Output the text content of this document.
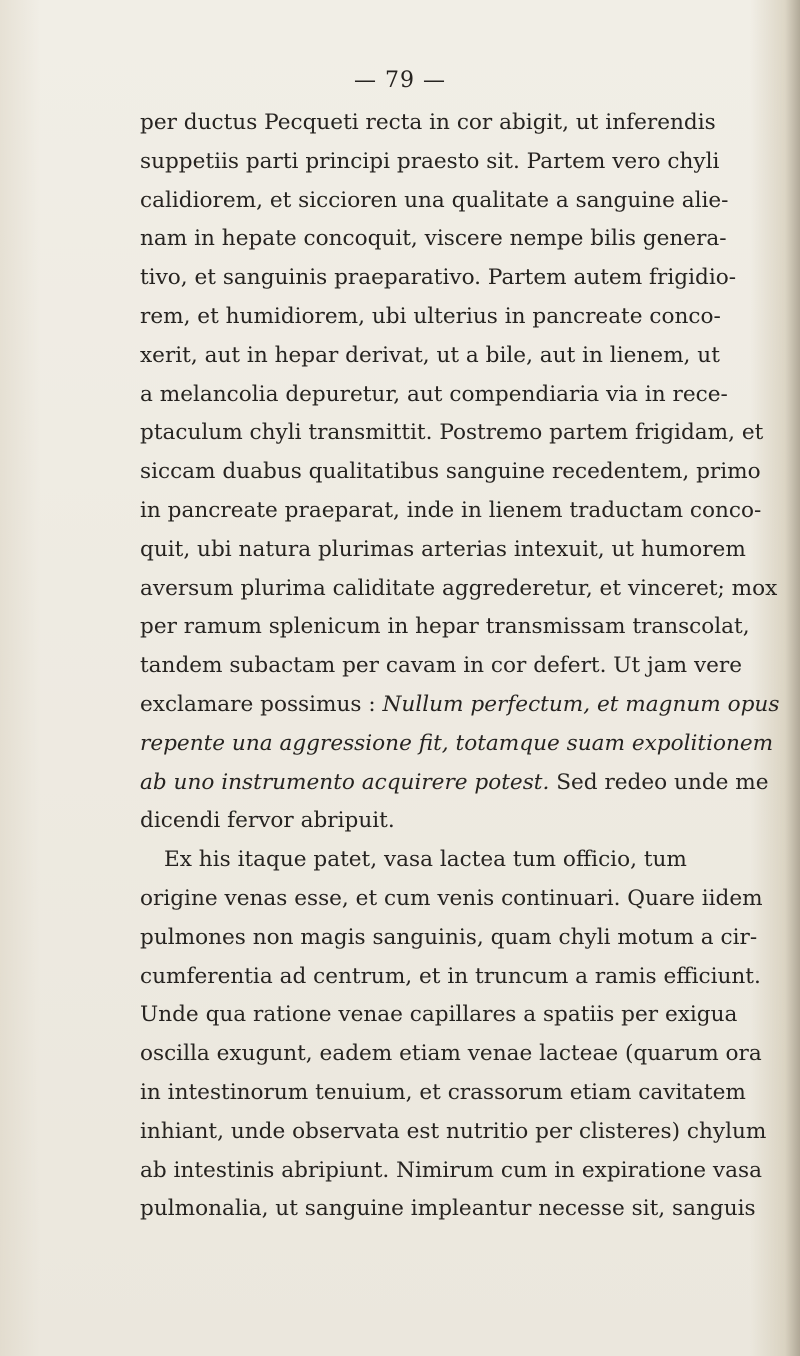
— 79 —
per ductus Pecqueti recta in cor abigit, ut inferendis
suppetiis parti principi praesto sit. Partem vero chyli
calidiorem, et siccioren una qualitate a sanguine alie-
nam in hepate concoquit, viscere nempe bilis genera-
tivo, et sanguinis praeparativo. Partem autem frigidio-
rem, et humidiorem, ubi ulterius in pancreate conco-
xerit, aut in hepar derivat, ut a bile, aut in lienem, ut
a melancolia depuretur, aut compendiaria via in rece-
ptaculum chyli transmittit. Postremo partem frigidam, et
siccam duabus qualitatibus sanguine recedentem, primo
in pancreate praeparat, inde in lienem traductam conco-
quit, ubi natura plurimas arterias intexuit, ut humorem
aversum plurima caliditate aggrederetur, et vinceret; mox
per ramum splenicum in hepar transmissam transcolat,
tandem subactam per cavam in cor defert. Ut jam vere
exclamare possimus : Nullum perfectum, et magnum opus
repente una aggressione fit, totamque suam expolitionem
ab uno instrumento acquirere potest. Sed redeo unde me
dicendi fervor abripuit.
Ex his itaque patet, vasa lactea tum officio, tum
origine venas esse, et cum venis continuari. Quare iidem
pulmones non magis sanguinis, quam chyli motum a cir-
cumferentia ad centrum, et in truncum a ramis efficiunt.
Unde qua ratione venae capillares a spatiis per exigua
oscilla exugunt, eadem etiam venae lacteae (quarum ora
in intestinorum tenuium, et crassorum etiam cavitatem
inhiant, unde observata est nutritio per clisteres) chylum
ab intestinis abripiunt. Nimirum cum in expiratione vasa
pulmonalia, ut sanguine impleantur necesse sit, sanguis
